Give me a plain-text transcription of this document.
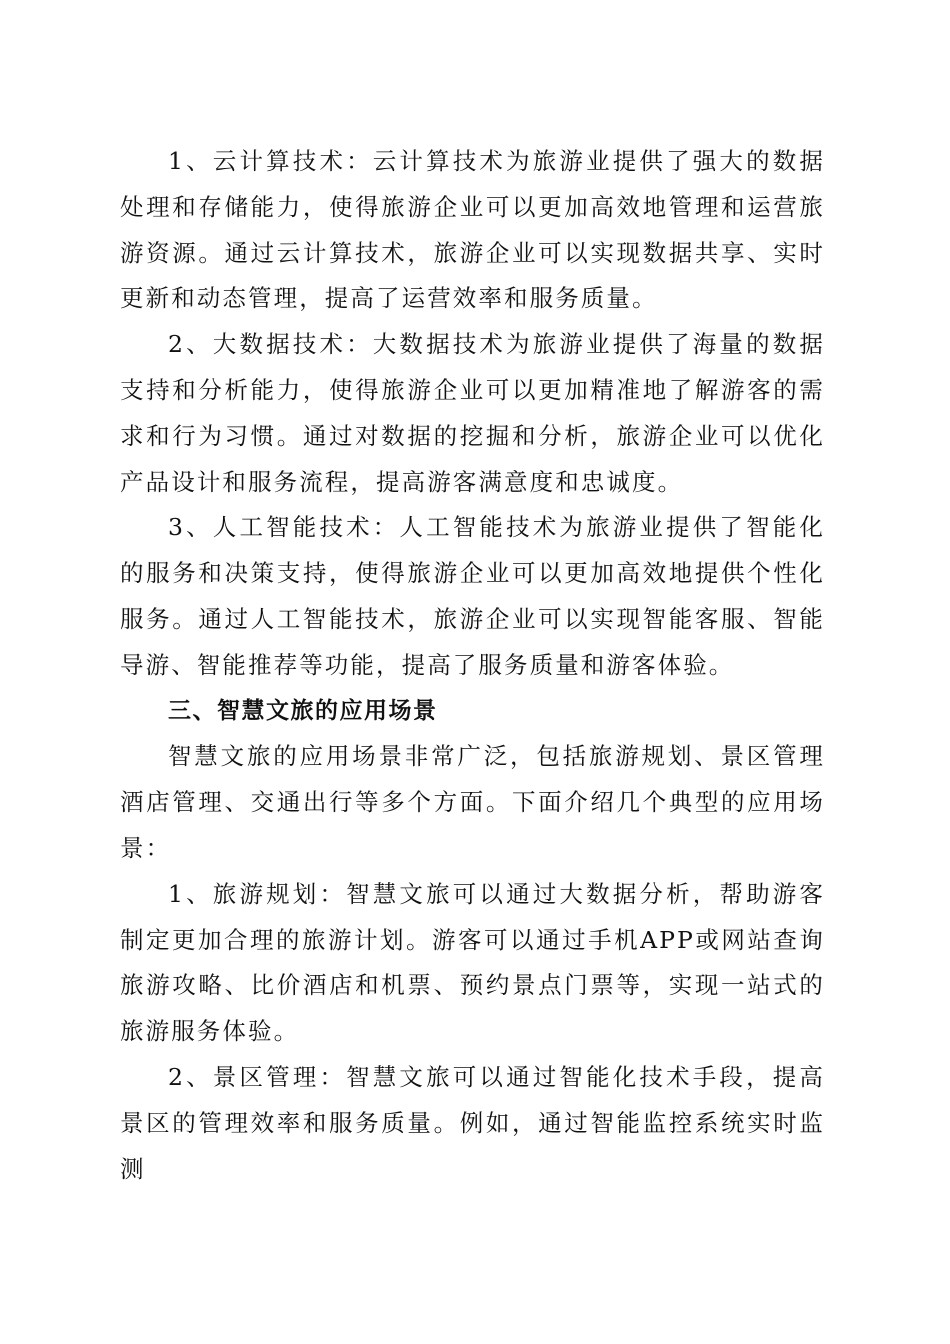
1、云计算技术：云计算技术为旅游业提供了强大的数据处理和存储能力，使得旅游企业可以更加高效地管理和运营旅游资源。通过云计算技术，旅游企业可以实现数据共享、实时更新和动态管理，提高了运营效率和服务质量。

2、大数据技术：大数据技术为旅游业提供了海量的数据支持和分析能力，使得旅游企业可以更加精准地了解游客的需求和行为习惯。通过对数据的挖掘和分析，旅游企业可以优化产品设计和服务流程，提高游客满意度和忠诚度。

3、人工智能技术：人工智能技术为旅游业提供了智能化的服务和决策支持，使得旅游企业可以更加高效地提供个性化服务。通过人工智能技术，旅游企业可以实现智能客服、智能导游、智能推荐等功能，提高了服务质量和游客体验。

三、智慧文旅的应用场景

智慧文旅的应用场景非常广泛，包括旅游规划、景区管理酒店管理、交通出行等多个方面。下面介绍几个典型的应用场景：

1、旅游规划：智慧文旅可以通过大数据分析，帮助游客制定更加合理的旅游计划。游客可以通过手机APP或网站查询旅游攻略、比价酒店和机票、预约景点门票等，实现一站式的旅游服务体验。

2、景区管理：智慧文旅可以通过智能化技术手段，提高景区的管理效率和服务质量。例如，通过智能监控系统实时监测
